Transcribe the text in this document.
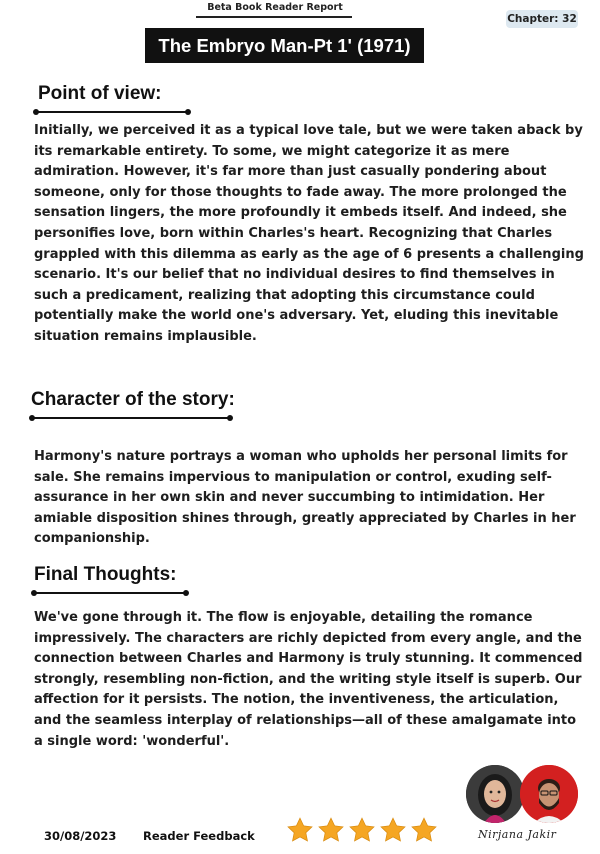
Beta Book Reader Report
Chapter: 32
The Embryo Man-Pt 1' (1971)
Point of view:
Initially, we perceived it as a typical love tale, but we were taken aback by its remarkable entirety. To some, we might categorize it as mere admiration. However, it's far more than just casually pondering about someone, only for those thoughts to fade away. The more prolonged the sensation lingers, the more profoundly it embeds itself. And indeed, she personifies love, born within Charles's heart. Recognizing that Charles grappled with this dilemma as early as the age of 6 presents a challenging scenario. It's our belief that no individual desires to find themselves in such a predicament, realizing that adopting this circumstance could potentially make the world one's adversary. Yet, eluding this inevitable situation remains implausible.
Character of the story:
Harmony's nature portrays a woman who upholds her personal limits for sale. She remains impervious to manipulation or control, exuding self-assurance in her own skin and never succumbing to intimidation. Her amiable disposition shines through, greatly appreciated by Charles in her companionship.
Final Thoughts:
We've gone through it. The flow is enjoyable, detailing the romance impressively. The characters are richly depicted from every angle, and the connection between Charles and Harmony is truly stunning. It commenced strongly, resembling non-fiction, and the writing style itself is superb. Our affection for it persists. The notion, the inventiveness, the articulation, and the seamless interplay of relationships—all of these amalgamate into a single word: 'wonderful'.
30/08/2023 Reader Feedback	Nirjana Jakir
